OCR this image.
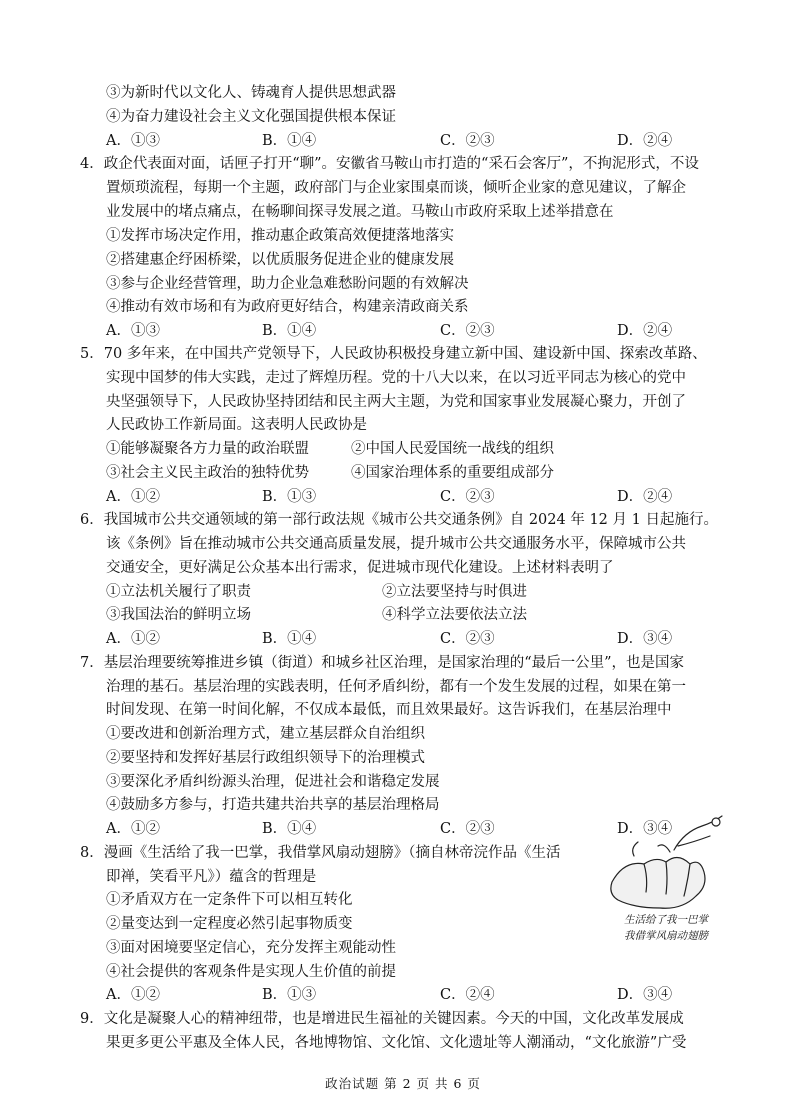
③为新时代以文化人、铸魂育人提供思想武器
④为奋力建设社会主义文化强国提供根本保证
A．①③	B．①④	C．②③	D．②④
4．政企代表面对面，话匣子打开“聊”。安徽省马鞍山市打造的“采石会客厅”，不拘泥形式，不设
置烦琐流程，每期一个主题，政府部门与企业家围桌而谈，倾听企业家的意见建议，了解企
业发展中的堵点痛点，在畅聊间探寻发展之道。马鞍山市政府采取上述举措意在
①发挥市场决定作用，推动惠企政策高效便捷落地落实
②搭建惠企纾困桥梁，以优质服务促进企业的健康发展
③参与企业经营管理，助力企业急难愁盼问题的有效解决
④推动有效市场和有为政府更好结合，构建亲清政商关系
A．①③	B．①④	C．②③	D．②④
5．70 多年来，在中国共产党领导下，人民政协积极投身建立新中国、建设新中国、探索改革路、
实现中国梦的伟大实践，走过了辉煌历程。党的十八大以来，在以习近平同志为核心的党中
央坚强领导下，人民政协坚持团结和民主两大主题，为党和国家事业发展凝心聚力，开创了
人民政协工作新局面。这表明人民政协是
①能够凝聚各方力量的政治联盟	②中国人民爱国统一战线的组织
③社会主义民主政治的独特优势	④国家治理体系的重要组成部分
A．①②	B．①③	C．②③	D．②④
6．我国城市公共交通领域的第一部行政法规《城市公共交通条例》自 2024 年 12 月 1 日起施行。
该《条例》旨在推动城市公共交通高质量发展，提升城市公共交通服务水平，保障城市公共
交通安全，更好满足公众基本出行需求，促进城市现代化建设。上述材料表明了
①立法机关履行了职责	②立法要坚持与时俱进
③我国法治的鲜明立场	④科学立法要依法立法
A．①②	B．①④	C．②③	D．③④
7．基层治理要统筹推进乡镇（街道）和城乡社区治理，是国家治理的“最后一公里”，也是国家
治理的基石。基层治理的实践表明，任何矛盾纠纷，都有一个发生发展的过程，如果在第一
时间发现、在第一时间化解，不仅成本最低，而且效果最好。这告诉我们，在基层治理中
①要改进和创新治理方式，建立基层群众自治组织
②要坚持和发挥好基层行政组织领导下的治理模式
③要深化矛盾纠纷源头治理，促进社会和谐稳定发展
④鼓励多方参与，打造共建共治共享的基层治理格局
A．①②	B．①④	C．②③	D．③④
8．漫画《生活给了我一巴掌，我借掌风扇动翅膀》（摘自林帝浣作品《生活
即禅，笑看平凡》）蕴含的哲理是
①矛盾双方在一定条件下可以相互转化
②量变达到一定程度必然引起事物质变
③面对困境要坚定信心，充分发挥主观能动性
④社会提供的客观条件是实现人生价值的前提
A．①②	B．①③	C．②④	D．③④
生活给了我一巴掌
我借掌风扇动翅膀
9．文化是凝聚人心的精神纽带，也是增进民生福祉的关键因素。今天的中国，文化改革发展成
果更多更公平惠及全体人民，各地博物馆、文化馆、文化遗址等人潮涌动，“文化旅游”广受
政治试题 第 2 页 共 6 页
